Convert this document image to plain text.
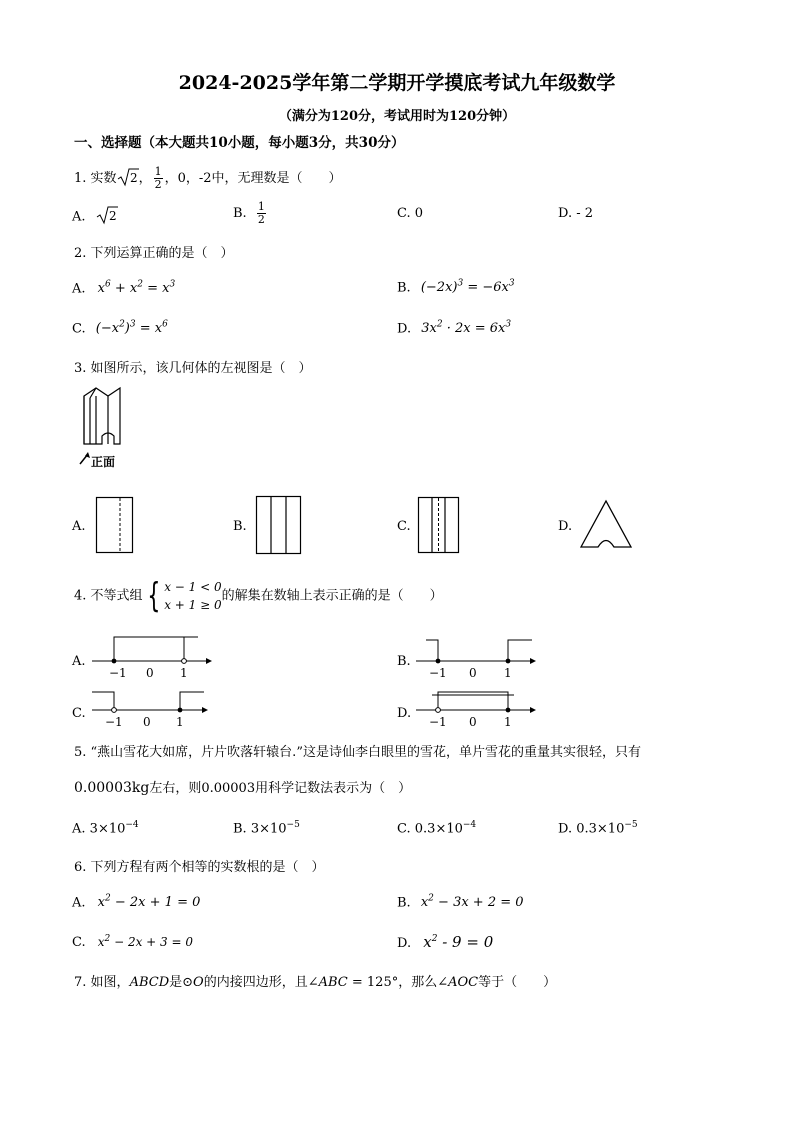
2024-2025学年第二学期开学摸底考试九年级数学
（满分为120分，考试用时为120分钟）
一、选择题（本大题共10小题，每小题3分，共30分）
1. 实数 2 ， $\frac{1}{2}$ ，0，-2中，无理数是（　　）
A. 2	B. $\frac{1}{2}$	C. 0	D. - 2
2. 下列运算正确的是（　）
A. $x^6 + x^2 = x^3$	B. $(-2x)^3 = -6x^3$
C. $(-x^2)^3 = x^6$	D. $3x^2 \cdot 2x = 6x^3$
3. 如图所示，该几何体的左视图是（　）
正面
A.	B.	C.	D.
4. 不等式组 { x − 1 < 0
x + 1 ≥ 0
的解集在数轴上表示正确的是（　　）
A.
−1 0 1
B.
−1 0 1
C.
−1 0 1
D.
−1 0 1
5. “燕山雪花大如席，片片吹落轩辕台.”这是诗仙李白眼里的雪花，单片雪花的重量其实很轻，只有
0.00003kg左右，则0.00003用科学记数法表示为（　）
A. $3\times 10^{-4}$	B. $3\times 10^{-5}$	C. $0.3\times 10^{-4}$	D. $0.3\times 10^{-5}$
6. 下列方程有两个相等的实数根的是（　）
A. $x^2 - 2x + 1 = 0$	B. $x^2 - 3x + 2 = 0$
C. $x^2 - 2x + 3 = 0$	D. $x^2 - 9 = 0$
7. 如图，ABCD是⊙O的内接四边形，且∠ABC = 125°，那么∠AOC等于（　　）
